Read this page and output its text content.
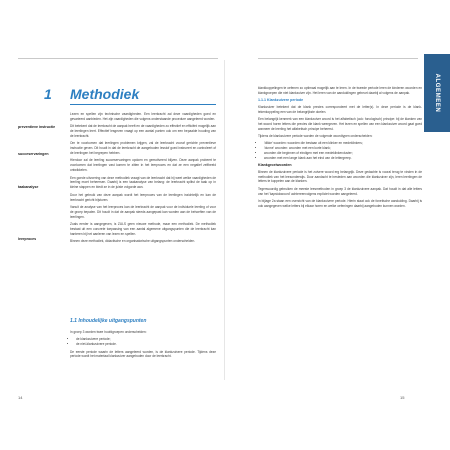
1 Methodiek
preventieve instructie
succeservaringen
taakanalyse
leerproces

Lezen en spellen zijn technische vaardigheden. Een leerkracht zal deze vaardigheden goed en gevarieerd aanbieden. Het zijn vaardigheden die volgens onderstaande procedure aangeleerd worden.

Dit betekent dat de leerkracht de aanpak heeft en de vaardigheden zo effectief en efficiënt mogelijk aan de leerlingen leert. Effectief lesgeven vraagt op een aantal punten ook om een bepaalde houding van de leerkracht.

Om te voorkomen dat leerlingen problemen krijgen, zal de leerkracht vooraf gerichte preventieve instructie geven. Dit houdt in dat de leerkracht de aangeboden lesstof goed instrueert en controleert of de leerlingen het begrepen hebben.

Hierdoor zal de leerling succeservaringen opdoen en gemotiveerd blijven. Deze aanpak probeert te voorkomen dat leerlingen vast komen te zitten in het leerproces en dat ze een negatief zelfbeeld ontwikkelen.

Een goede uitvoering van deze methodiek vraagt van de leerkracht dat hij weet welke vaardigheden de leerling moet beheersen. Daarbij is een taakanalyse van belang: de leerkracht splitst de taak op in kleine stappen en biedt ze in de juiste volgorde aan.

Door het gebruik van deze aanpak wordt het leerproces van de leerlingen inzichtelijk en kan de leerkracht gericht bijsturen.

Vanuit de analyse van het leerproces kan de leerkracht de aanpak voor de individuele leerling of voor de groep bepalen. Dit houdt in dat de aanpak steeds aangepast kan worden aan de behoeften van de leerlingen.

Zoals eerder is aangegeven, is ZULS geen nieuwe methode, maar een methodiek. De methodiek bestaat uit een concrete toepassing van een aantal algemene uitgangspunten die de leerkracht kan hanteren bij het aanleren van lezen en spellen.

Binnen deze methodiek, didactische en organisatorische uitgangspunten onderscheiden.

1.1 Inhoudelijke uitgangspunten

In groep 3 worden twee hoofdgroepen onderscheiden:

• de klankzuivere periode;
• de niet-klankzuivere periode.

De eerste periode waarin de letters aangeleerd worden, is de klankzuivere periode. Tijdens deze periode wordt het materiaal klankzuiver aangeboden door de leerkracht.

14

klankkoppelingen te oefenen zo optimaal mogelijk aan te leren. In de tweede periode leren de kinderen woorden en klankgroepen die niet klankzuiver zijn. Het leren van de aanduidingen gebeurt daarbij al volgens de aanpak.

1.1.1 Klankzuivere periode

Klankzuiver betekent dat de klank precies correspondeert met de letter(s). In deze periode is de klank-tekenkoppeling een van de belangrijkste doelen.

Een belangrijk kenmerk van een klankzuiver woord is het alfabetisch (ook: fonologisch) principe: bij de klanken van het woord horen letters die precies die klank weergeven. Het lezen en spellen van een klankzuiver woord gaat goed wanneer de leerling het alfabetisch principe beheerst.

Tijdens de klankzuivere periode worden de volgende woordtypen onderscheiden:

• 'dikke' woorden: woorden die bestaan uit een klinker en medeklinkers;
• 'dunne' woorden: woorden met een korte klank;
• woorden die beginnen of eindigen met een medeklinkercluster;
• woorden met een lange klank aan het eind van de lettergreep.

Klankgroeiwoorden

Binnen de klankzuivere periode is het zuivere woord erg belangrijk. Deze gedachte is vooral terug te vinden in de methodiek van het leesonderwijs. Door aandacht te besteden aan woorden die klankzuiver zijn, leren leerlingen de letters te koppelen aan de klanken.

Tegenwoordig gebruiken de meeste leesmethoden in groep 3 de klankzuivere aanpak. Dat houdt in dat alle letters van het 'kapstokwoord' achtereenvolgens expliciet worden aangeleerd.

In bijlage 2a staan een overzicht van de klankzuivere periode. Hierin staat ook de fonetische aanduiding. Daarbij is ook aangegeven welke letters bij elkaar horen en welke oefeningen daarbij aangeboden kunnen worden.

15
ALGEMEEN
